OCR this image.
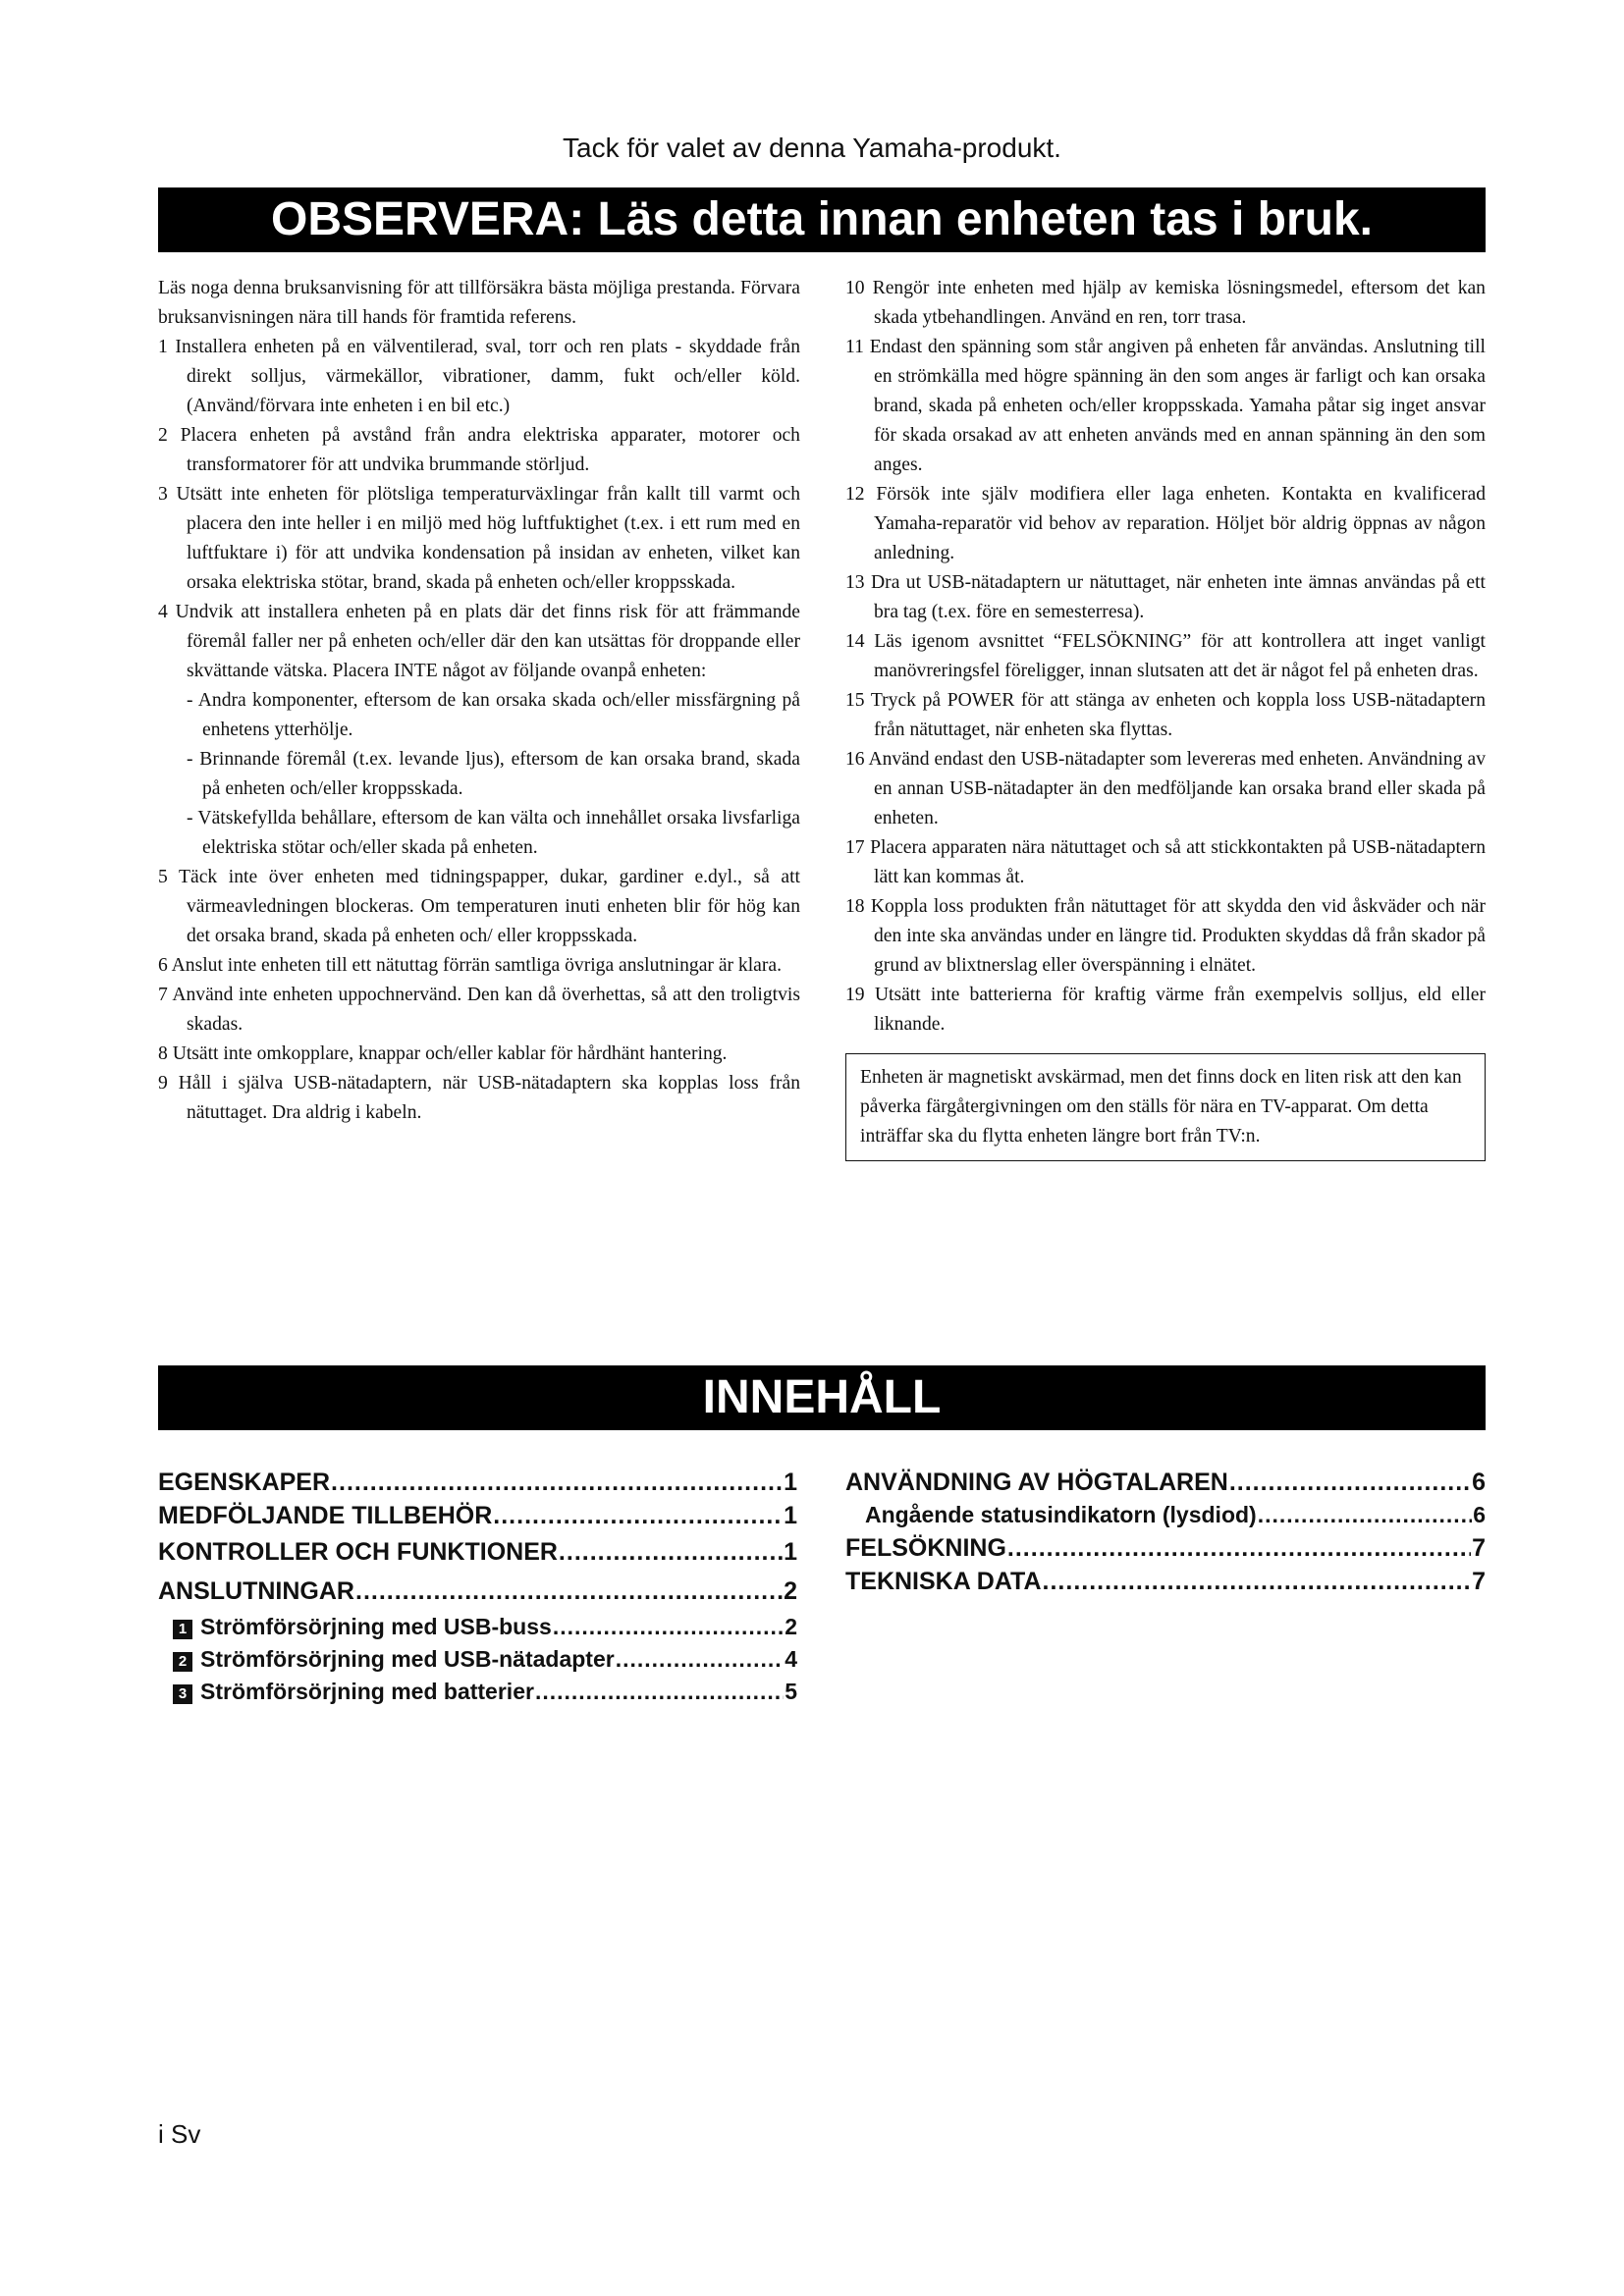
Tack för valet av denna Yamaha-produkt.
OBSERVERA: Läs detta innan enheten tas i bruk.

Läs noga denna bruksanvisning för att tillförsäkra bästa möjliga prestanda. Förvara bruksanvisningen nära till hands för framtida referens.

1 Installera enheten på en välventilerad, sval, torr och ren plats - skyddade från direkt solljus, värmekällor, vibrationer, damm, fukt och/eller köld. (Använd/förvara inte enheten i en bil etc.)

2 Placera enheten på avstånd från andra elektriska apparater, motorer och transformatorer för att undvika brummande störljud.

3 Utsätt inte enheten för plötsliga temperaturväxlingar från kallt till varmt och placera den inte heller i en miljö med hög luftfuktighet (t.ex. i ett rum med en luftfuktare i) för att undvika kondensation på insidan av enheten, vilket kan orsaka elektriska stötar, brand, skada på enheten och/eller kroppsskada.

4 Undvik att installera enheten på en plats där det finns risk för att främmande föremål faller ner på enheten och/eller där den kan utsättas för droppande eller skvättande vätska. Placera INTE något av följande ovanpå enheten:

- Andra komponenter, eftersom de kan orsaka skada och/eller missfärgning på enhetens ytterhölje.

- Brinnande föremål (t.ex. levande ljus), eftersom de kan orsaka brand, skada på enheten och/eller kroppsskada.

- Vätskefyllda behållare, eftersom de kan välta och innehållet orsaka livsfarliga elektriska stötar och/eller skada på enheten.

5 Täck inte över enheten med tidningspapper, dukar, gardiner e.dyl., så att värmeavledningen blockeras. Om temperaturen inuti enheten blir för hög kan det orsaka brand, skada på enheten och/ eller kroppsskada.

6 Anslut inte enheten till ett nätuttag förrän samtliga övriga anslutningar är klara.

7 Använd inte enheten uppochnervänd. Den kan då överhettas, så att den troligtvis skadas.

8 Utsätt inte omkopplare, knappar och/eller kablar för hårdhänt hantering.

9 Håll i själva USB-nätadaptern, när USB-nätadaptern ska kopplas loss från nätuttaget. Dra aldrig i kabeln.

10 Rengör inte enheten med hjälp av kemiska lösningsmedel, eftersom det kan skada ytbehandlingen. Använd en ren, torr trasa.

11 Endast den spänning som står angiven på enheten får användas. Anslutning till en strömkälla med högre spänning än den som anges är farligt och kan orsaka brand, skada på enheten och/eller kroppsskada. Yamaha påtar sig inget ansvar för skada orsakad av att enheten används med en annan spänning än den som anges.

12 Försök inte själv modifiera eller laga enheten. Kontakta en kvalificerad Yamaha-reparatör vid behov av reparation. Höljet bör aldrig öppnas av någon anledning.

13 Dra ut USB-nätadaptern ur nätuttaget, när enheten inte ämnas användas på ett bra tag (t.ex. före en semesterresa).

14 Läs igenom avsnittet “FELSÖKNING” för att kontrollera att inget vanligt manövreringsfel föreligger, innan slutsaten att det är något fel på enheten dras.

15 Tryck på POWER för att stänga av enheten och koppla loss USB-nätadaptern från nätuttaget, när enheten ska flyttas.

16 Använd endast den USB-nätadapter som levereras med enheten. Användning av en annan USB-nätadapter än den medföljande kan orsaka brand eller skada på enheten.

17 Placera apparaten nära nätuttaget och så att stickkontakten på USB-nätadaptern lätt kan kommas åt.

18 Koppla loss produkten från nätuttaget för att skydda den vid åskväder och när den inte ska användas under en längre tid. Produkten skyddas då från skador på grund av blixtnerslag eller överspänning i elnätet.

19 Utsätt inte batterierna för kraftig värme från exempelvis solljus, eld eller liknande.

Enheten är magnetiskt avskärmad, men det finns dock en liten risk att den kan påverka färgåtergivningen om den ställs för nära en TV-apparat. Om detta inträffar ska du flytta enheten längre bort från TV:n.
INNEHÅLL
EGENSKAPER .....	1
MEDFÖLJANDE TILLBEHÖR .....	1
KONTROLLER OCH FUNKTIONER .....	1
ANSLUTNINGAR .....	2
1 Strömförsörjning med USB-buss .....	2
2 Strömförsörjning med USB-nätadapter .....	4
3 Strömförsörjning med batterier .....	5
ANVÄNDNING AV HÖGTALAREN .....	6
Angående statusindikatorn (lysdiod) .....	6
FELSÖKNING .....	7
TEKNISKA DATA .....	7
i Sv
